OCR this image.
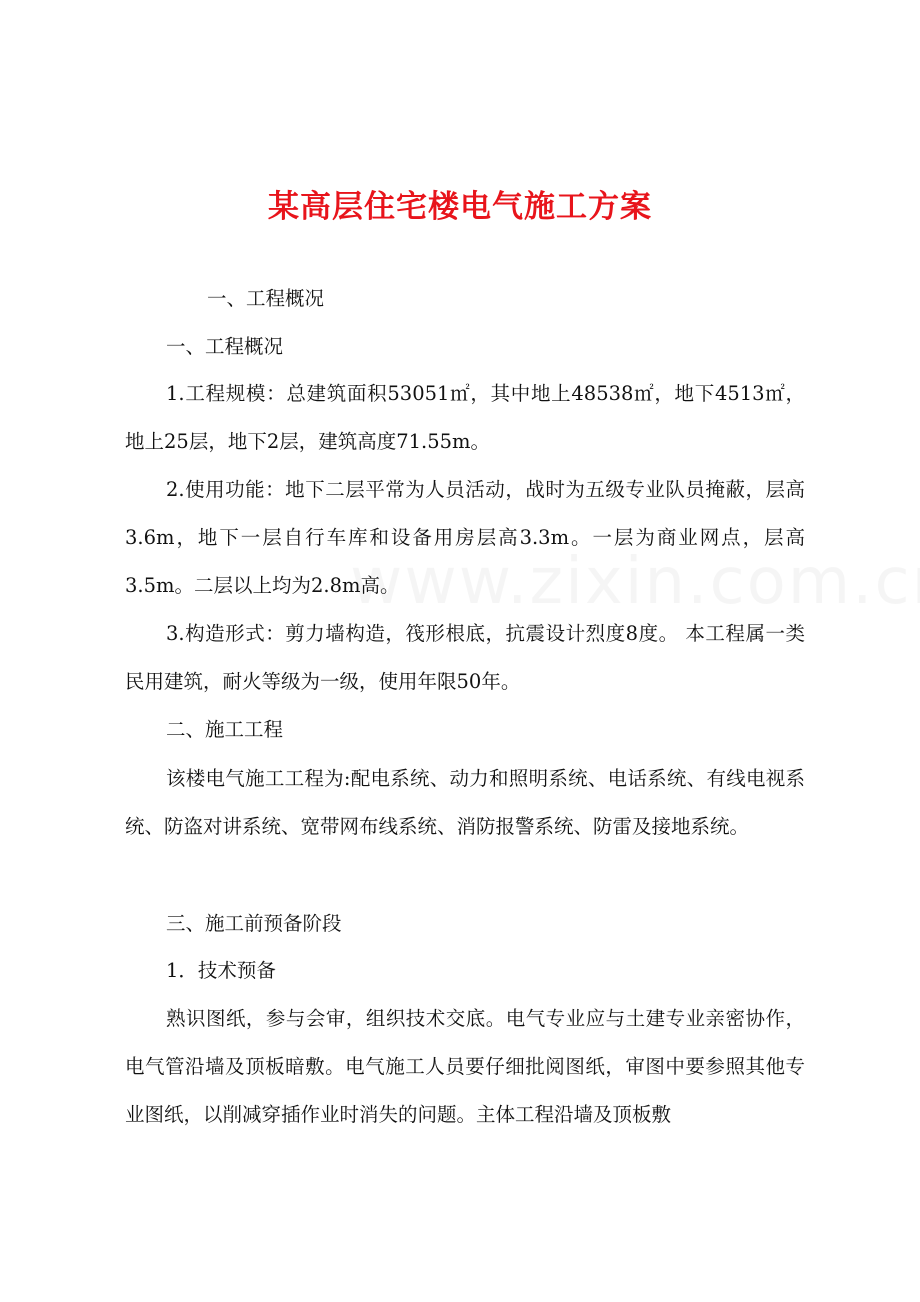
某高层住宅楼电气施工方案

一、工程概况

一、工程概况

1.工程规模：总建筑面积53051㎡，其中地上48538㎡，地下4513㎡，地上25层，地下2层，建筑高度71.55m。

2.使用功能：地下二层平常为人员活动，战时为五级专业队员掩蔽，层高3.6m，地下一层自行车库和设备用房层高3.3m。一层为商业网点，层高3.5m。二层以上均为2.8m高。

3.构造形式：剪力墙构造，筏形根底，抗震设计烈度8度。 本工程属一类民用建筑，耐火等级为一级，使用年限50年。

二、施工工程

该楼电气施工工程为:配电系统、动力和照明系统、电话系统、有线电视系统、防盗对讲系统、宽带网布线系统、消防报警系统、防雷及接地系统。

三、施工前预备阶段

1．技术预备

熟识图纸，参与会审，组织技术交底。电气专业应与土建专业亲密协作，电气管沿墙及顶板暗敷。电气施工人员要仔细批阅图纸，审图中要参照其他专业图纸，以削减穿插作业时消失的问题。主体工程沿墙及顶板敷
